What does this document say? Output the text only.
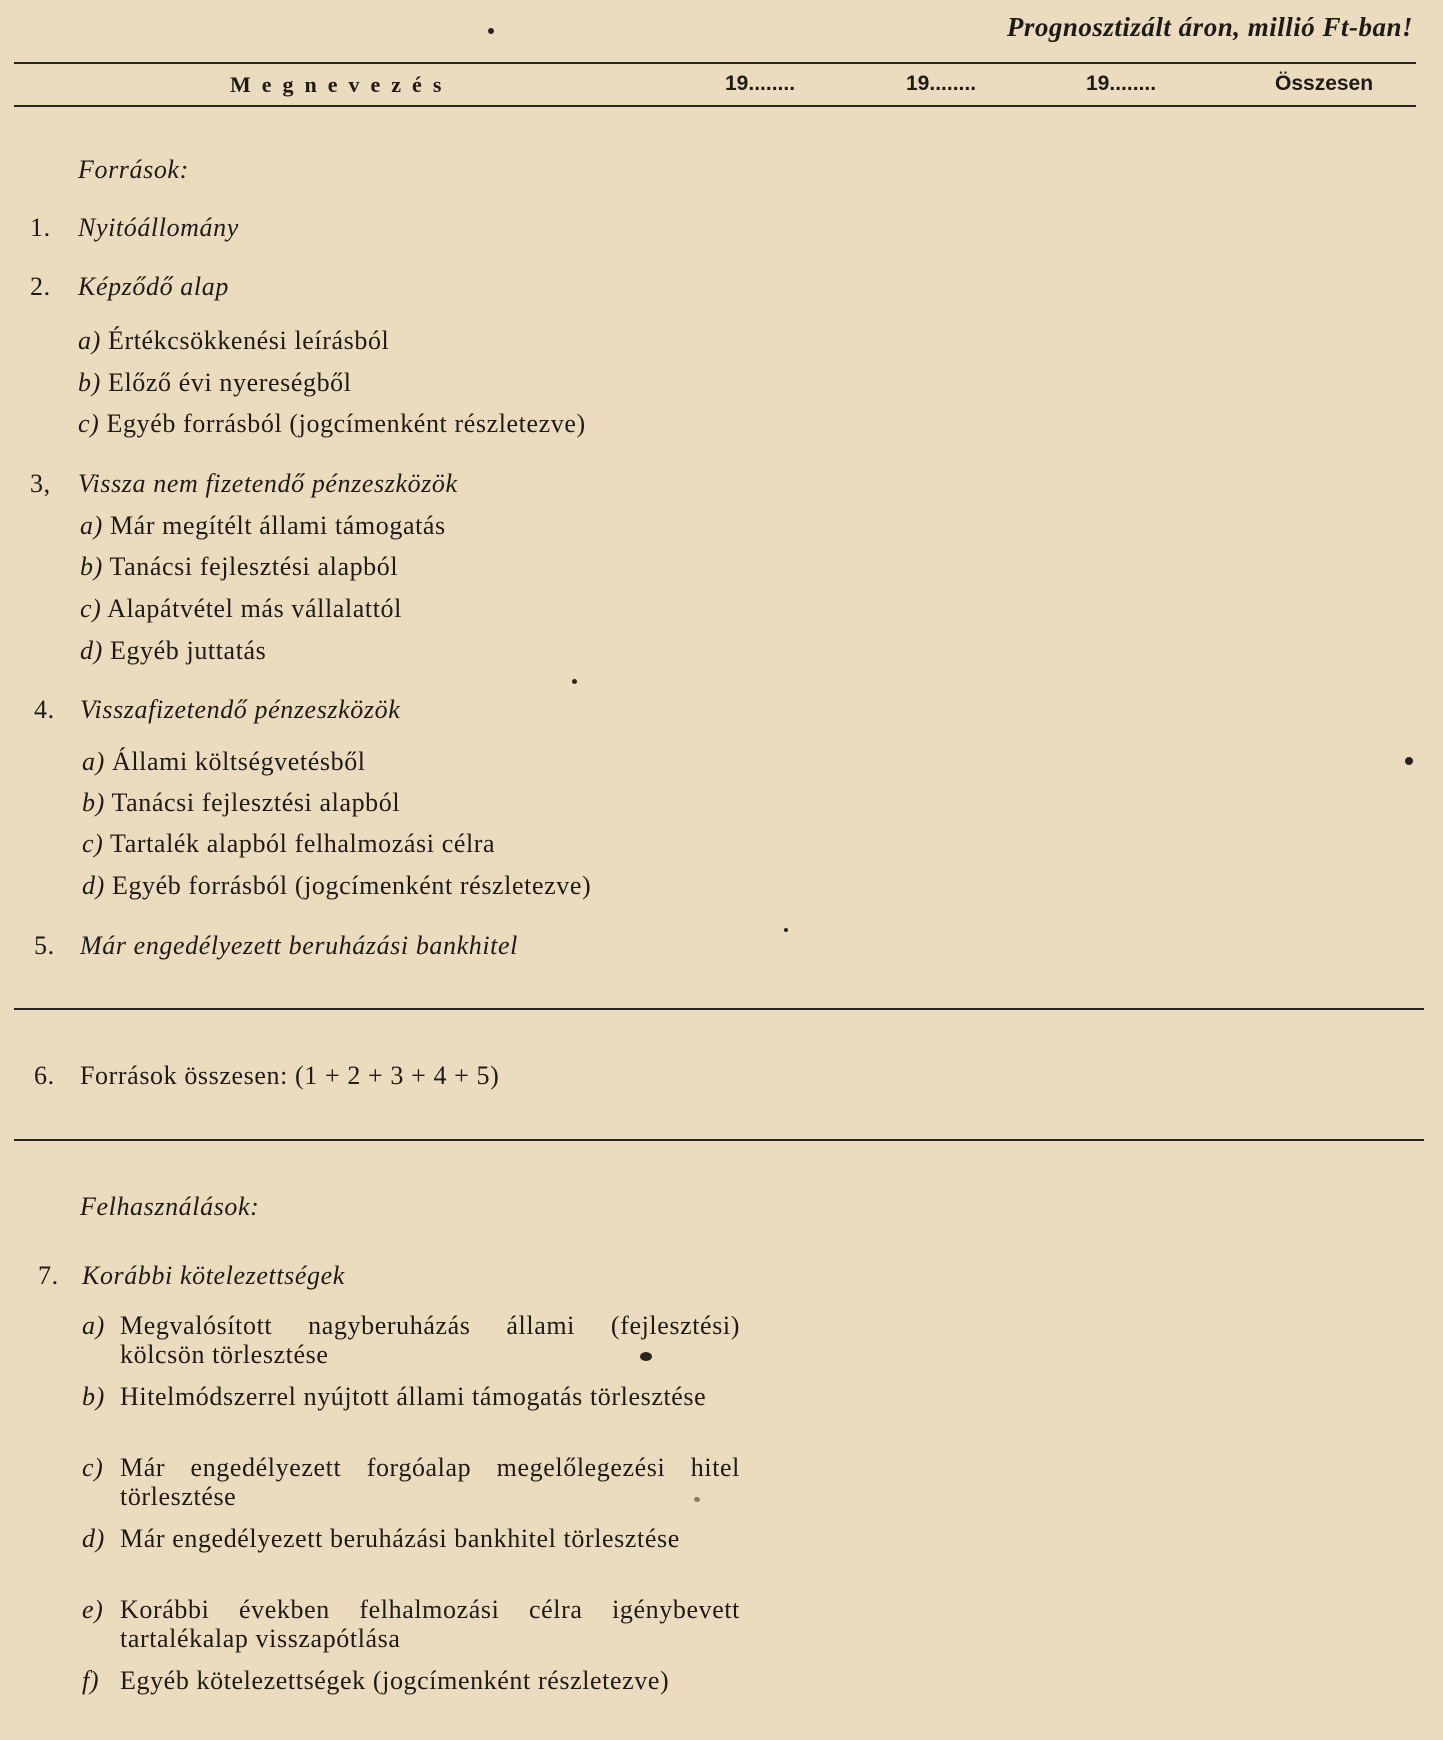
Prognosztizált áron, millió Ft-ban!
Megnevezés	19........	19........	19........	Összesen
Források:
1.	Nyitóállomány
2.	Képződő alap
a) Értékcsökkenési leírásból
b) Előző évi nyereségből
c) Egyéb forrásból (jogcímenként részletezve)
3,	Vissza nem fizetendő pénzeszközök
a) Már megítélt állami támogatás
b) Tanácsi fejlesztési alapból
c) Alapátvétel más vállalattól
d) Egyéb juttatás
4. Visszafizetendő pénzeszközök
a) Állami költségvetésből
b) Tanácsi fejlesztési alapból
c) Tartalék alapból felhalmozási célra
d) Egyéb forrásból (jogcímenként részletezve)
5. Már engedélyezett beruházási bankhitel
6. Források összesen: (1 + 2 + 3 + 4 + 5)
Felhasználások:
7. Korábbi kötelezettségek
a) Megvalósított nagyberuházás állami (fejlesztési) kölcsön törlesztése
b) Hitelmódszerrel nyújtott állami támogatás törlesztése
c) Már engedélyezett forgóalap megelőlegezési hitel törlesztése
d) Már engedélyezett beruházási bankhitel törlesztése
e) Korábbi években felhalmozási célra igénybevett tartalékalap visszapótlása
f) Egyéb kötelezettségek (jogcímenként részletezve)
